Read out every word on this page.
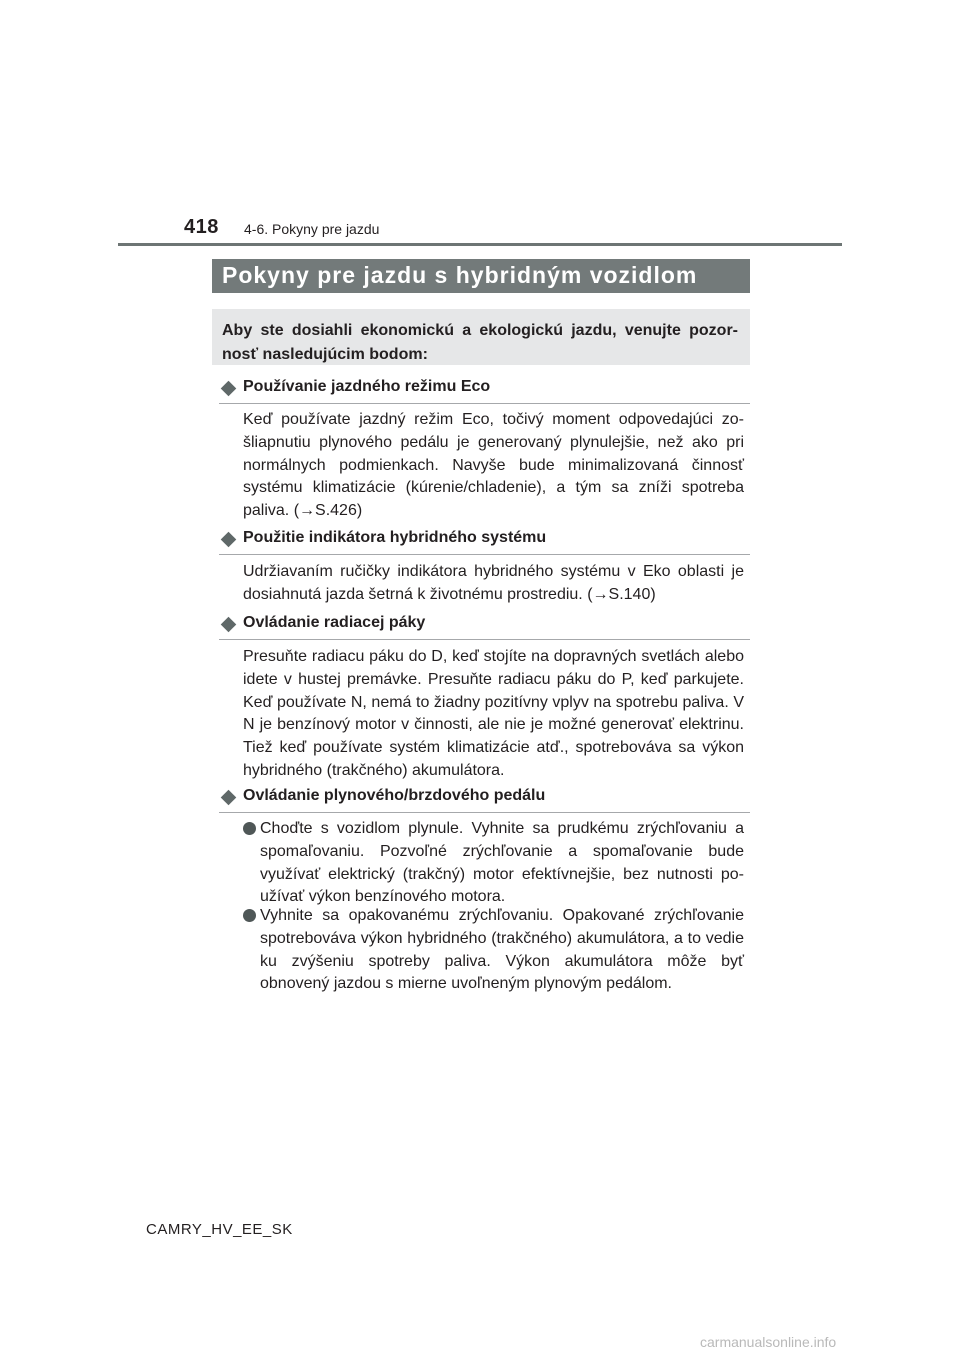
418 4-6. Pokyny pre jazdu
Pokyny pre jazdu s hybridným vozidlom

Aby ste dosiahli ekonomickú a ekologickú jazdu, venujte pozor-nosť nasledujúcim bodom:

Používanie jazdného režimu Eco

Keď používate jazdný režim Eco, točivý moment odpovedajúci zo-šliapnutiu plynového pedálu je generovaný plynulejšie, než ako pri normálnych podmienkach. Navyše bude minimalizovaná činnosť systému klimatizácie (kúrenie/chladenie), a tým sa zníži spotreba paliva. (→S.426)

Použitie indikátora hybridného systému

Udržiavaním ručičky indikátora hybridného systému v Eko oblasti je dosiahnutá jazda šetrná k životnému prostrediu. (→S.140)

Ovládanie radiacej páky

Presuňte radiacu páku do D, keď stojíte na dopravných svetlách alebo idete v hustej premávke. Presuňte radiacu páku do P, keď parkujete. Keď používate N, nemá to žiadny pozitívny vplyv na spotrebu paliva. V N je benzínový motor v činnosti, ale nie je možné generovať elektrinu. Tiež keď používate systém klimatizácie atď., spotrebováva sa výkon hybridného (trakčného) akumulátora.

Ovládanie plynového/brzdového pedálu

Choďte s vozidlom plynule. Vyhnite sa prudkému zrýchľovaniu a spomaľovaniu. Pozvoľné zrýchľovanie a spomaľovanie bude využívať elektrický (trakčný) motor efektívnejšie, bez nutnosti po-užívať výkon benzínového motora.

Vyhnite sa opakovanému zrýchľovaniu. Opakované zrýchľovanie spotrebováva výkon hybridného (trakčného) akumulátora, a to vedie ku zvýšeniu spotreby paliva. Výkon akumulátora môže byť obnovený jazdou s mierne uvoľneným plynovým pedálom.

CAMRY_HV_EE_SK
carmanualsonline.info
